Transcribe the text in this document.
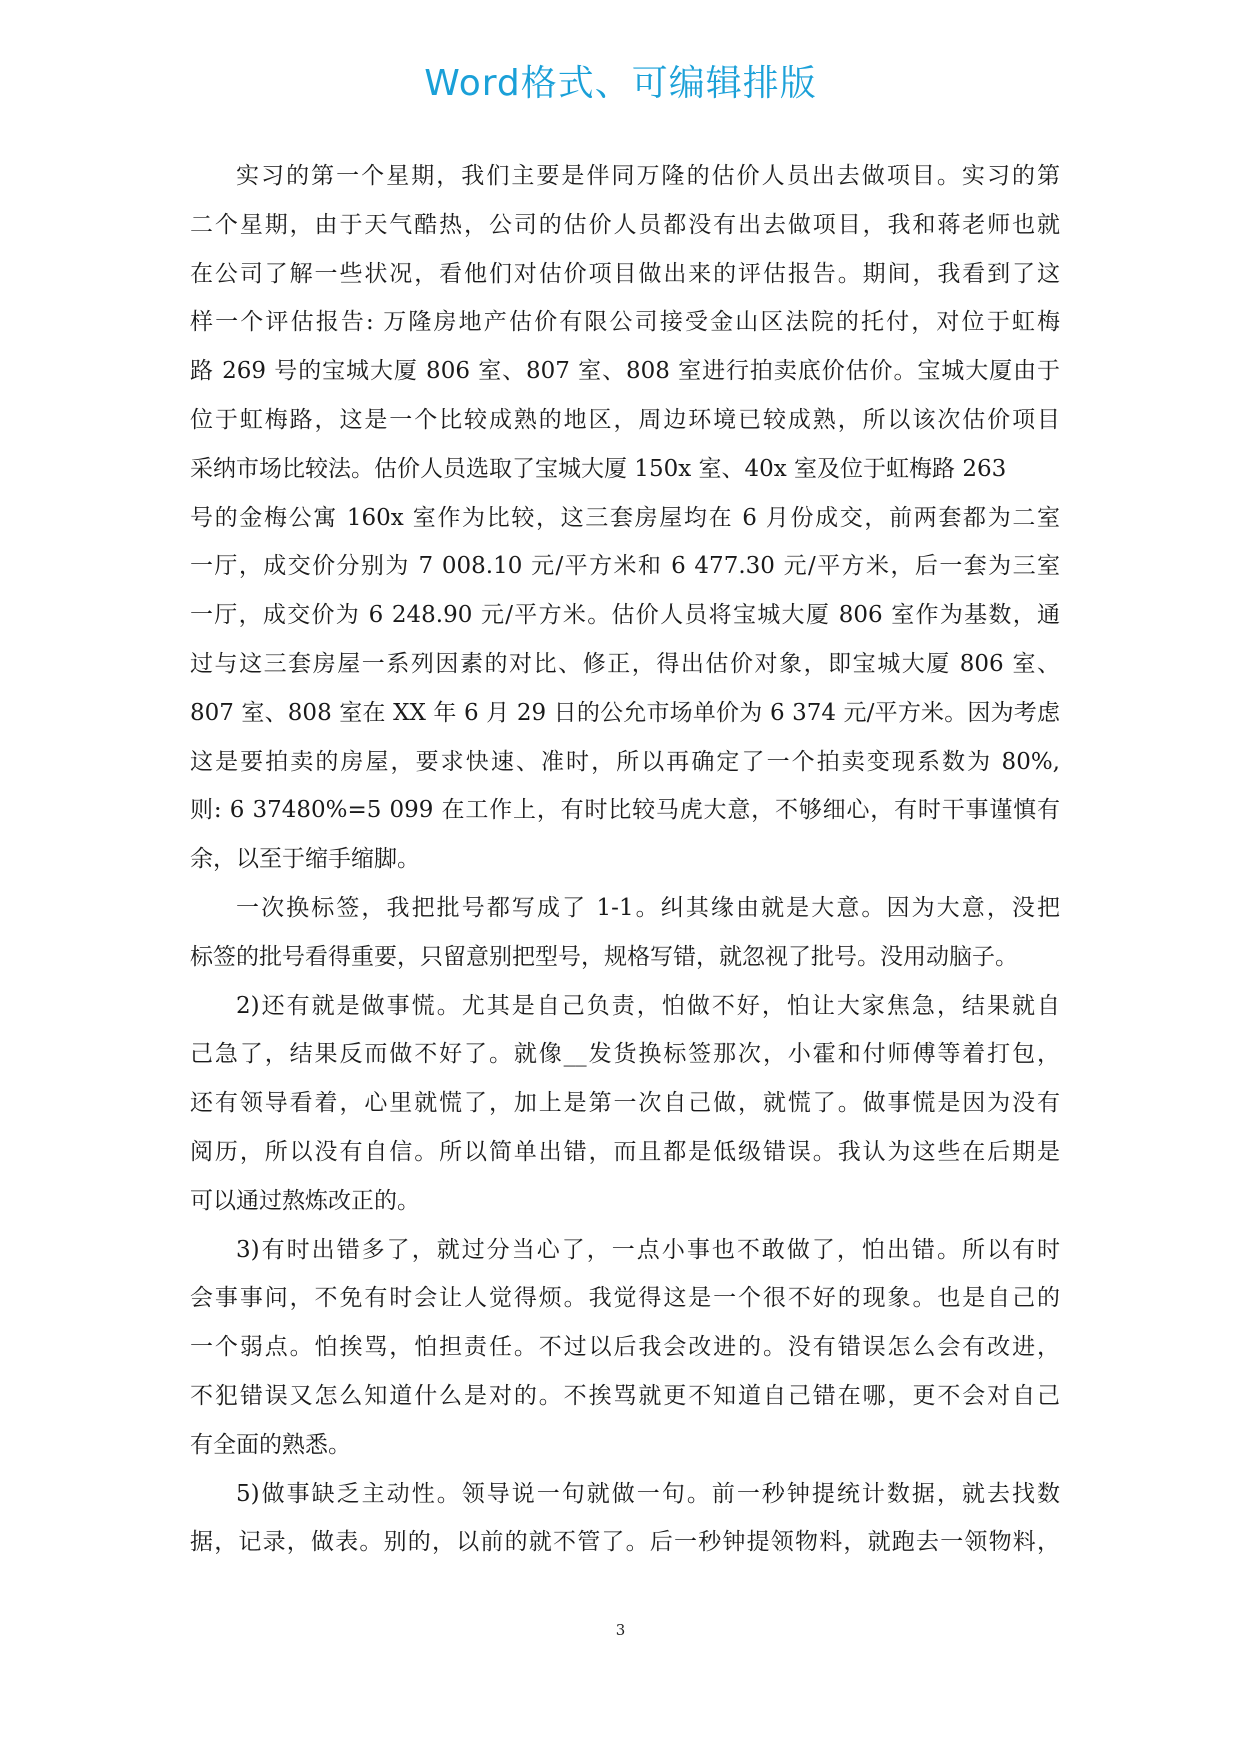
Word格式、可编辑排版
实习的第一个星期，我们主要是伴同万隆的估价人员出去做项目。实习的第
二个星期，由于天气酷热，公司的估价人员都没有出去做项目，我和蒋老师也就
在公司了解一些状况，看他们对估价项目做出来的评估报告。期间，我看到了这
样一个评估报告: 万隆房地产估价有限公司接受金山区法院的托付，对位于虹梅
路 269 号的宝城大厦 806 室、807 室、808 室进行拍卖底价估价。宝城大厦由于
位于虹梅路，这是一个比较成熟的地区，周边环境已较成熟，所以该次估价项目
采纳市场比较法。估价人员选取了宝城大厦 150x 室、40x 室及位于虹梅路 263
号的金梅公寓 160x 室作为比较，这三套房屋均在 6 月份成交，前两套都为二室
一厅，成交价分别为 7 008.10 元/平方米和 6 477.30 元/平方米，后一套为三室
一厅，成交价为 6 248.90 元/平方米。估价人员将宝城大厦 806 室作为基数，通
过与这三套房屋一系列因素的对比、修正，得出估价对象，即宝城大厦 806 室、
807 室、808 室在 XX 年 6 月 29 日的公允市场单价为 6 374 元/平方米。因为考虑
这是要拍卖的房屋，要求快速、准时，所以再确定了一个拍卖变现系数为 80%,
则: 6 37480%=5 099 在工作上，有时比较马虎大意，不够细心，有时干事谨慎有
余，以至于缩手缩脚。
一次换标签，我把批号都写成了 1-1。纠其缘由就是大意。因为大意，没把
标签的批号看得重要，只留意别把型号，规格写错，就忽视了批号。没用动脑子。
2)还有就是做事慌。尤其是自己负责，怕做不好，怕让大家焦急，结果就自
己急了，结果反而做不好了。就像__发货换标签那次，小霍和付师傅等着打包，
还有领导看着，心里就慌了，加上是第一次自己做，就慌了。做事慌是因为没有
阅历，所以没有自信。所以简单出错，而且都是低级错误。我认为这些在后期是
可以通过熬炼改正的。
3)有时出错多了，就过分当心了，一点小事也不敢做了，怕出错。所以有时
会事事问，不免有时会让人觉得烦。我觉得这是一个很不好的现象。也是自己的
一个弱点。怕挨骂，怕担责任。不过以后我会改进的。没有错误怎么会有改进，
不犯错误又怎么知道什么是对的。不挨骂就更不知道自己错在哪，更不会对自己
有全面的熟悉。
5)做事缺乏主动性。领导说一句就做一句。前一秒钟提统计数据，就去找数
据，记录，做表。别的，以前的就不管了。后一秒钟提领物料，就跑去一领物料，
3
